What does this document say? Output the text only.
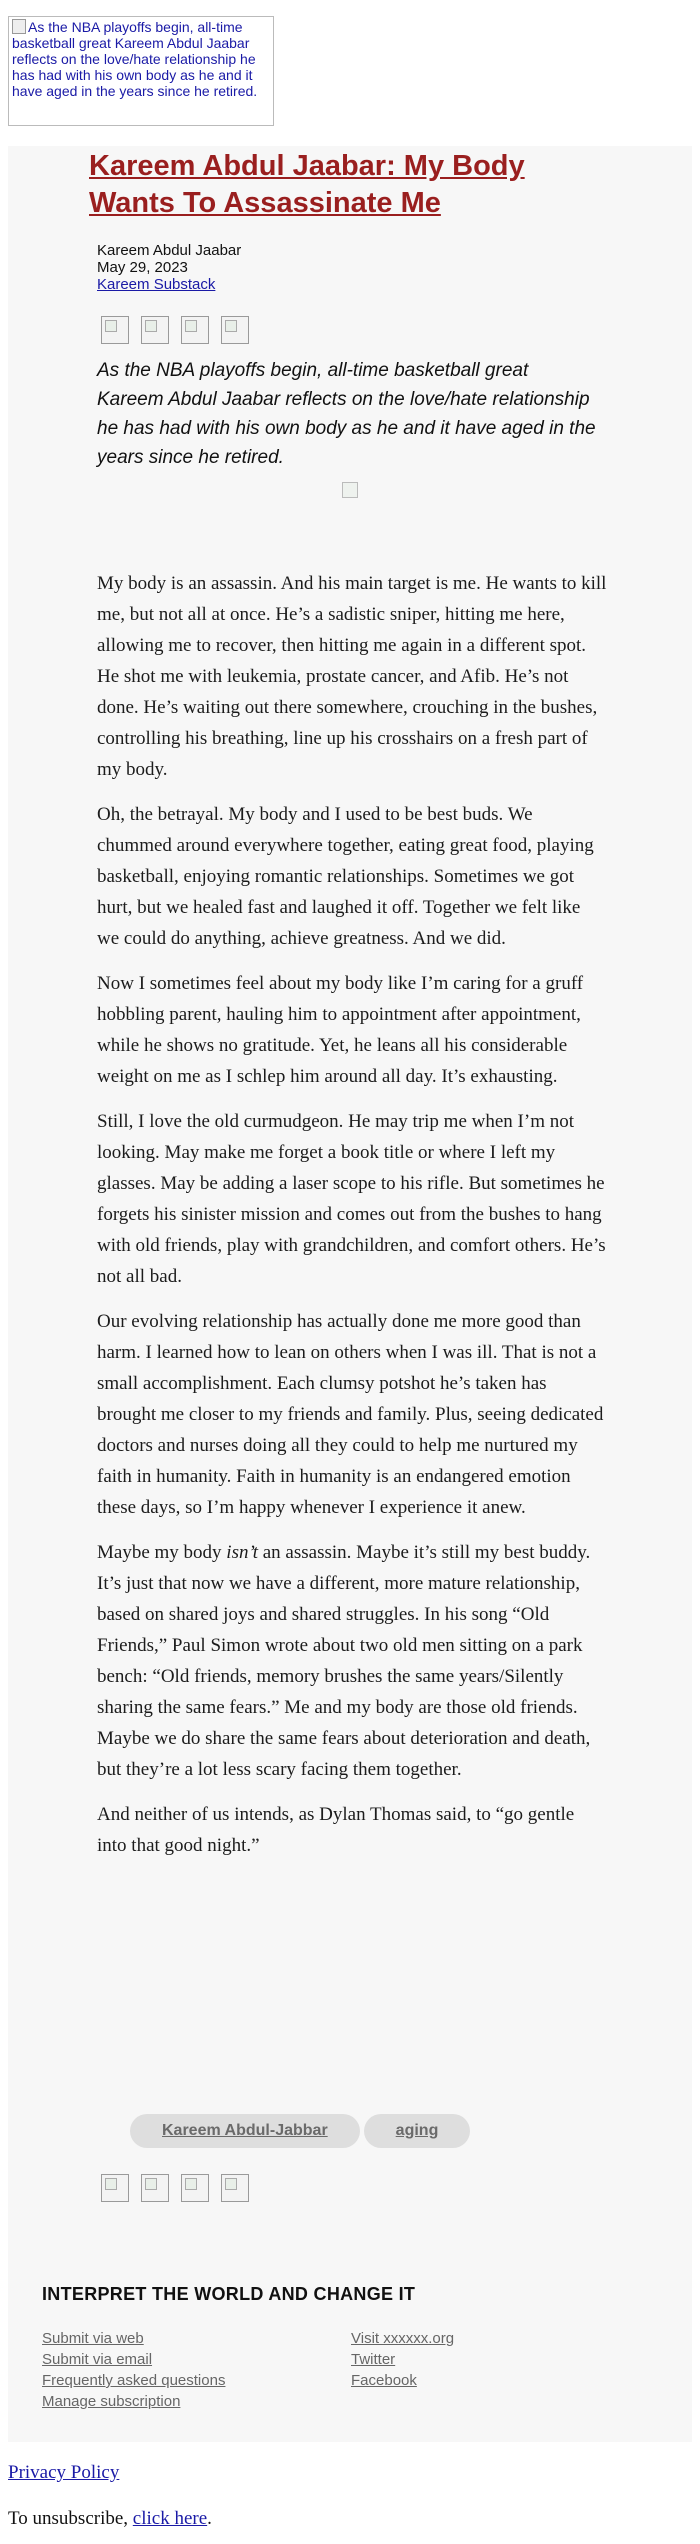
As the NBA playoffs begin, all-time basketball great Kareem Abdul Jaabar reflects on the love/hate relationship he has had with his own body as he and it have aged in the years since he retired.
Kareem Abdul Jaabar: My Body Wants To Assassinate Me
Kareem Abdul Jaabar
May 29, 2023
Kareem Substack

As the NBA playoffs begin, all-time basketball great Kareem Abdul Jaabar reflects on the love/hate relationship he has had with his own body as he and it have aged in the years since he retired.

My body is an assassin. And his main target is me. He wants to kill me, but not all at once. He’s a sadistic sniper, hitting me here, allowing me to recover, then hitting me again in a different spot. He shot me with leukemia, prostate cancer, and Afib. He’s not done. He’s waiting out there somewhere, crouching in the bushes, controlling his breathing, line up his crosshairs on a fresh part of my body.

Oh, the betrayal. My body and I used to be best buds. We chummed around everywhere together, eating great food, playing basketball, enjoying romantic relationships. Sometimes we got hurt, but we healed fast and laughed it off. Together we felt like we could do anything, achieve greatness. And we did.

Now I sometimes feel about my body like I’m caring for a gruff hobbling parent, hauling him to appointment after appointment, while he shows no gratitude. Yet, he leans all his considerable weight on me as I schlep him around all day. It’s exhausting.

Still, I love the old curmudgeon. He may trip me when I’m not looking. May make me forget a book title or where I left my glasses. May be adding a laser scope to his rifle. But sometimes he forgets his sinister mission and comes out from the bushes to hang with old friends, play with grandchildren, and comfort others. He’s not all bad.

Our evolving relationship has actually done me more good than harm. I learned how to lean on others when I was ill. That is not a small accomplishment. Each clumsy potshot he’s taken has brought me closer to my friends and family. Plus, seeing dedicated doctors and nurses doing all they could to help me nurtured my faith in humanity. Faith in humanity is an endangered emotion these days, so I’m happy whenever I experience it anew.

Maybe my body isn’t an assassin. Maybe it’s still my best buddy. It’s just that now we have a different, more mature relationship, based on shared joys and shared struggles. In his song “Old Friends,” Paul Simon wrote about two old men sitting on a park bench: “Old friends, memory brushes the same years/Silently sharing the same fears.” Me and my body are those old friends. Maybe we do share the same fears about deterioration and death, but they’re a lot less scary facing them together.

And neither of us intends, as Dylan Thomas said, to “go gentle into that good night.”

Kareem Abdul-Jabbar	aging
INTERPRET THE WORLD AND CHANGE IT
Submit via web
Submit via email
Frequently asked questions
Manage subscription
Visit xxxxxx.org
Twitter
Facebook
Privacy Policy
To unsubscribe, click here.
